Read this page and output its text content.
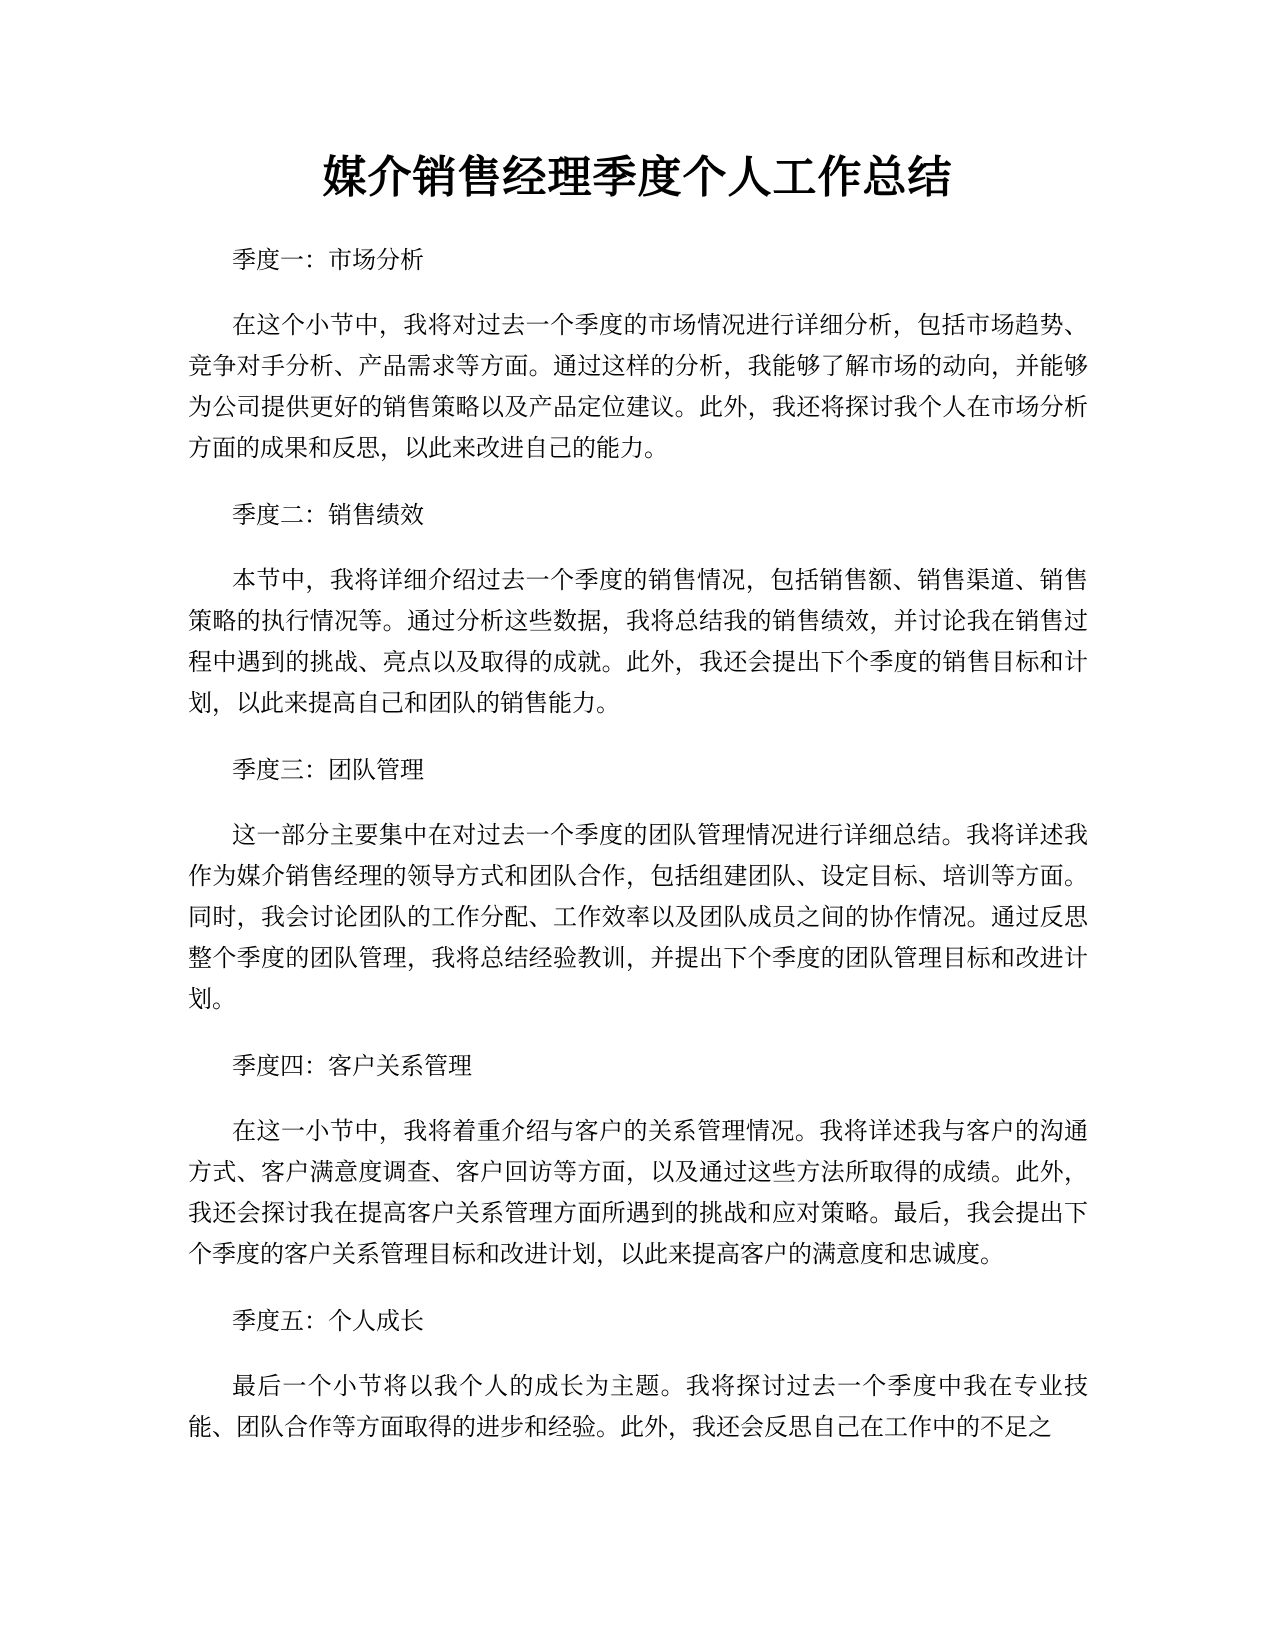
媒介销售经理季度个人工作总结

季度一：市场分析

在这个小节中，我将对过去一个季度的市场情况进行详细分析，包括市场趋势、竞争对手分析、产品需求等方面。通过这样的分析，我能够了解市场的动向，并能够为公司提供更好的销售策略以及产品定位建议。此外，我还将探讨我个人在市场分析方面的成果和反思，以此来改进自己的能力。

季度二：销售绩效

本节中，我将详细介绍过去一个季度的销售情况，包括销售额、销售渠道、销售策略的执行情况等。通过分析这些数据，我将总结我的销售绩效，并讨论我在销售过程中遇到的挑战、亮点以及取得的成就。此外，我还会提出下个季度的销售目标和计划，以此来提高自己和团队的销售能力。

季度三：团队管理

这一部分主要集中在对过去一个季度的团队管理情况进行详细总结。我将详述我作为媒介销售经理的领导方式和团队合作，包括组建团队、设定目标、培训等方面。同时，我会讨论团队的工作分配、工作效率以及团队成员之间的协作情况。通过反思整个季度的团队管理，我将总结经验教训，并提出下个季度的团队管理目标和改进计划。

季度四：客户关系管理

在这一小节中，我将着重介绍与客户的关系管理情况。我将详述我与客户的沟通方式、客户满意度调查、客户回访等方面，以及通过这些方法所取得的成绩。此外，我还会探讨我在提高客户关系管理方面所遇到的挑战和应对策略。最后，我会提出下个季度的客户关系管理目标和改进计划，以此来提高客户的满意度和忠诚度。

季度五：个人成长

最后一个小节将以我个人的成长为主题。我将探讨过去一个季度中我在专业技能、团队合作等方面取得的进步和经验。此外，我还会反思自己在工作中的不足之
